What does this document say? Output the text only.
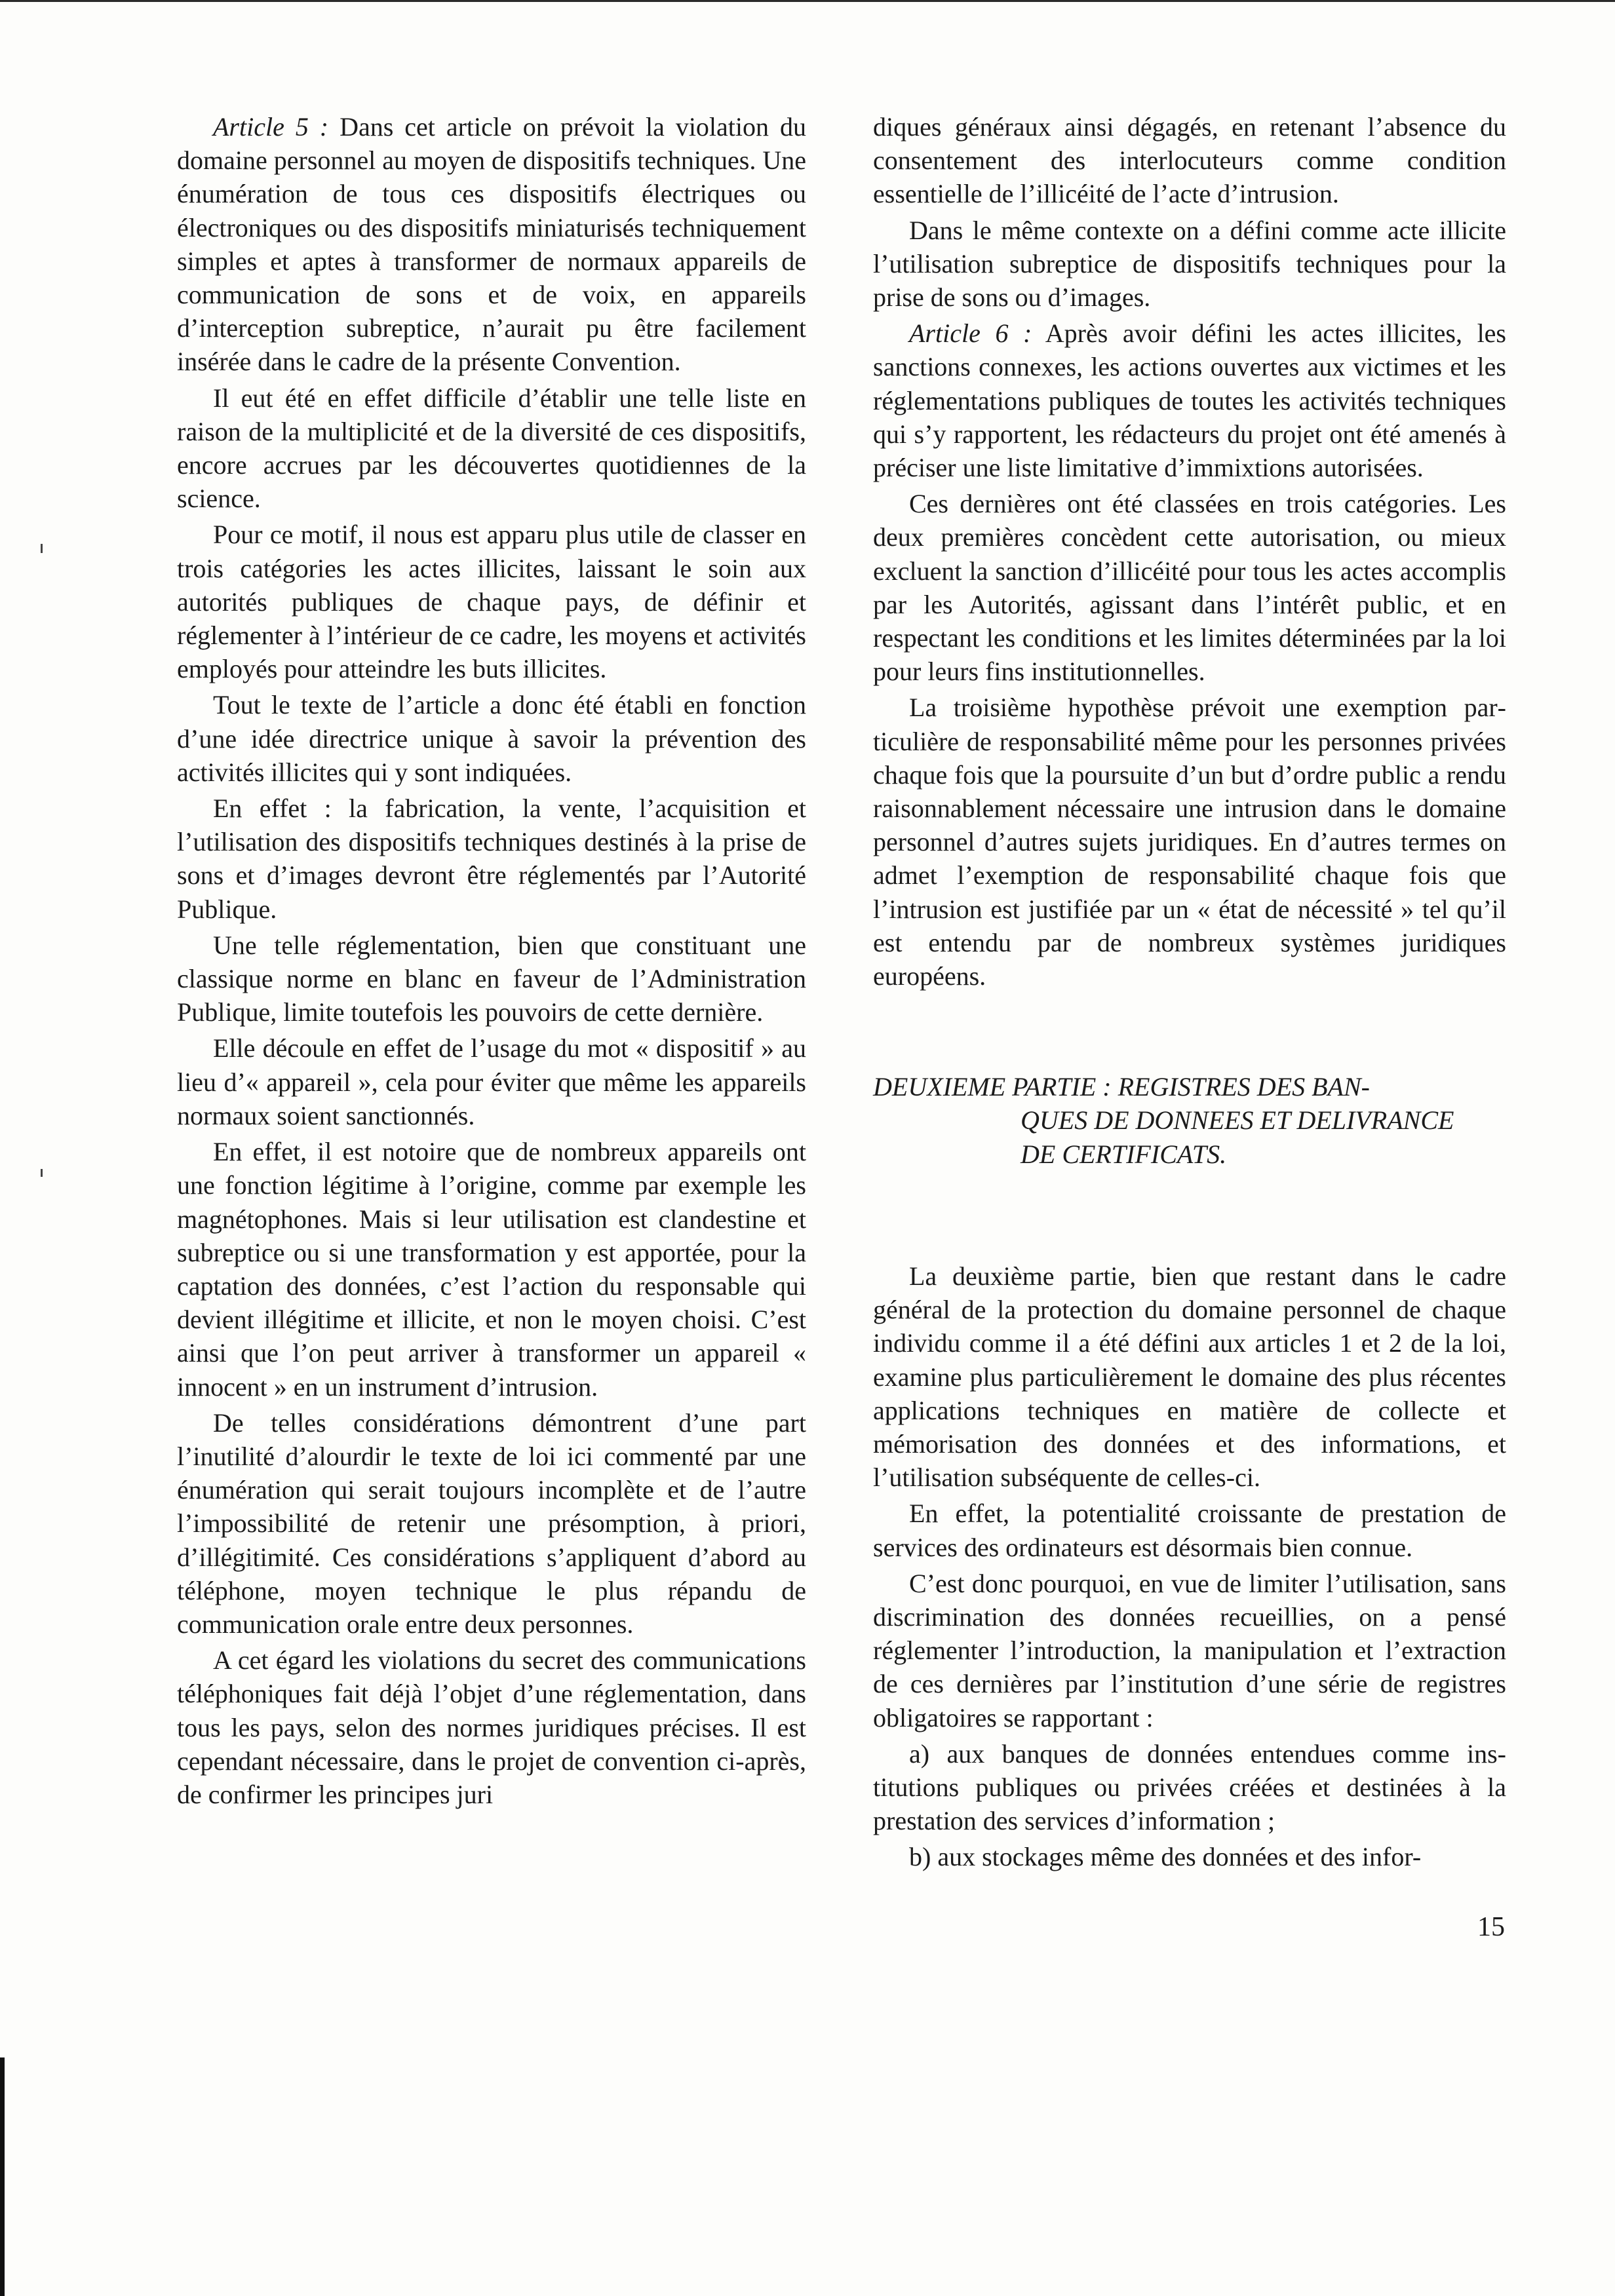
Article 5 : Dans cet article on prévoit la violation du domaine personnel au moyen de dispositifs techniques. Une énumération de tous ces dispositifs électriques ou électroniques ou des dispositifs miniaturisés techniquement simples et aptes à transformer de normaux appareils de communication de sons et de voix, en appareils d’interception subreptice, n’aurait pu être facilement insérée dans le cadre de la présente Convention.

Il eut été en effet difficile d’établir une telle liste en raison de la multiplicité et de la diversité de ces dispositifs, encore accrues par les découvertes quotidiennes de la science.

Pour ce motif, il nous est apparu plus utile de classer en trois catégories les actes illicites, laissant le soin aux autorités publiques de chaque pays, de définir et réglementer à l’intérieur de ce cadre, les moyens et activités employés pour atteindre les buts illicites.

Tout le texte de l’article a donc été établi en fonction d’une idée directrice unique à savoir la prévention des activités illicites qui y sont indiquées.

En effet : la fabrication, la vente, l’acquisition et l’utilisation des dispositifs techniques destinés à la prise de sons et d’images devront être réglementés par l’Autorité Publique.

Une telle réglementation, bien que constituant une classique norme en blanc en faveur de l’Administration Publique, limite toutefois les pouvoirs de cette dernière.

Elle découle en effet de l’usage du mot « dispositif » au lieu d’« appareil », cela pour éviter que même les appareils normaux soient sanctionnés.

En effet, il est notoire que de nombreux appareils ont une fonction légitime à l’origine, comme par exemple les magnétophones. Mais si leur utilisation est clandestine et subreptice ou si une transformation y est apportée, pour la captation des données, c’est l’action du responsable qui devient illégitime et illicite, et non le moyen choisi. C’est ainsi que l’on peut arriver à transformer un appareil « innocent » en un instrument d’intrusion.

De telles considérations démontrent d’une part l’inutilité d’alourdir le texte de loi ici commenté par une énumération qui serait toujours incomplète et de l’autre l’impossibilité de retenir une présomption, à priori, d’illégitimité. Ces considérations s’appliquent d’abord au téléphone, moyen technique le plus répandu de communication orale entre deux personnes.

A cet égard les violations du secret des communications téléphoniques fait déjà l’objet d’une réglementation, dans tous les pays, selon des normes juridiques précises. Il est cependant nécessaire, dans le projet de convention ci-après, de confirmer les principes juri

diques généraux ainsi dégagés, en retenant l’absence du consentement des interlocuteurs comme condition essentielle de l’illicéité de l’acte d’intrusion.

Dans le même contexte on a défini comme acte illicite l’utilisation subreptice de dispositifs techniques pour la prise de sons ou d’images.

Article 6 : Après avoir défini les actes illicites, les sanctions connexes, les actions ouvertes aux victimes et les réglementations publiques de toutes les activités techniques qui s’y rapportent, les rédacteurs du projet ont été amenés à préciser une liste limitative d’immixtions autorisées.

Ces dernières ont été classées en trois catégories. Les deux premières concèdent cette autorisation, ou mieux excluent la sanction d’illicéité pour tous les actes accomplis par les Autorités, agissant dans l’intérêt public, et en respectant les conditions et les limites déterminées par la loi pour leurs fins institutionnelles.

La troisième hypothèse prévoit une exemption particulière de responsabilité même pour les personnes privées chaque fois que la poursuite d’un but d’ordre public a rendu raisonnablement nécessaire une intrusion dans le domaine personnel d’autres sujets juridiques. En d’autres termes on admet l’exemption de responsabilité chaque fois que l’intrusion est justifiée par un « état de nécessité » tel qu’il est entendu par de nombreux systèmes juridiques européens.

DEUXIEME PARTIE : REGISTRES DES BAN-
QUES DE DONNEES ET DELIVRANCE
DE CERTIFICATS.

La deuxième partie, bien que restant dans le cadre général de la protection du domaine personnel de chaque individu comme il a été défini aux articles 1 et 2 de la loi, examine plus particulièrement le domaine des plus récentes applications techniques en matière de collecte et mémorisation des données et des informations, et l’utilisation subséquente de celles-ci.

En effet, la potentialité croissante de prestation de services des ordinateurs est désormais bien connue.

C’est donc pourquoi, en vue de limiter l’utilisation, sans discrimination des données recueillies, on a pensé réglementer l’introduction, la manipulation et l’extraction de ces dernières par l’institution d’une série de registres obligatoires se rapportant :

a) aux banques de données entendues comme institutions publiques ou privées créées et destinées à la prestation des services d’information ;

b) aux stockages même des données et des infor-

15
